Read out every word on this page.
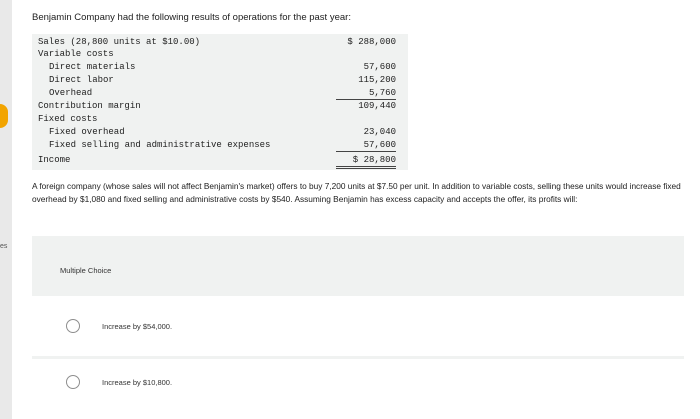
es
Benjamin Company had the following results of operations for the past year:
Sales (28,800 units at $10.00)	$ 288,000
Variable costs
Direct materials	57,600
Direct labor	115,200
Overhead	5,760
Contribution margin	109,440
Fixed costs
Fixed overhead	23,040
Fixed selling and administrative expenses	57,600
Income	$ 28,800
A foreign company (whose sales will not affect Benjamin's market) offers to buy 7,200 units at $7.50 per unit. In addition to variable costs, selling these units would increase fixed overhead by $1,080 and fixed selling and administrative costs by $540. Assuming Benjamin has excess capacity and accepts the offer, its profits will:
Multiple Choice
Increase by $54,000.
Increase by $10,800.
